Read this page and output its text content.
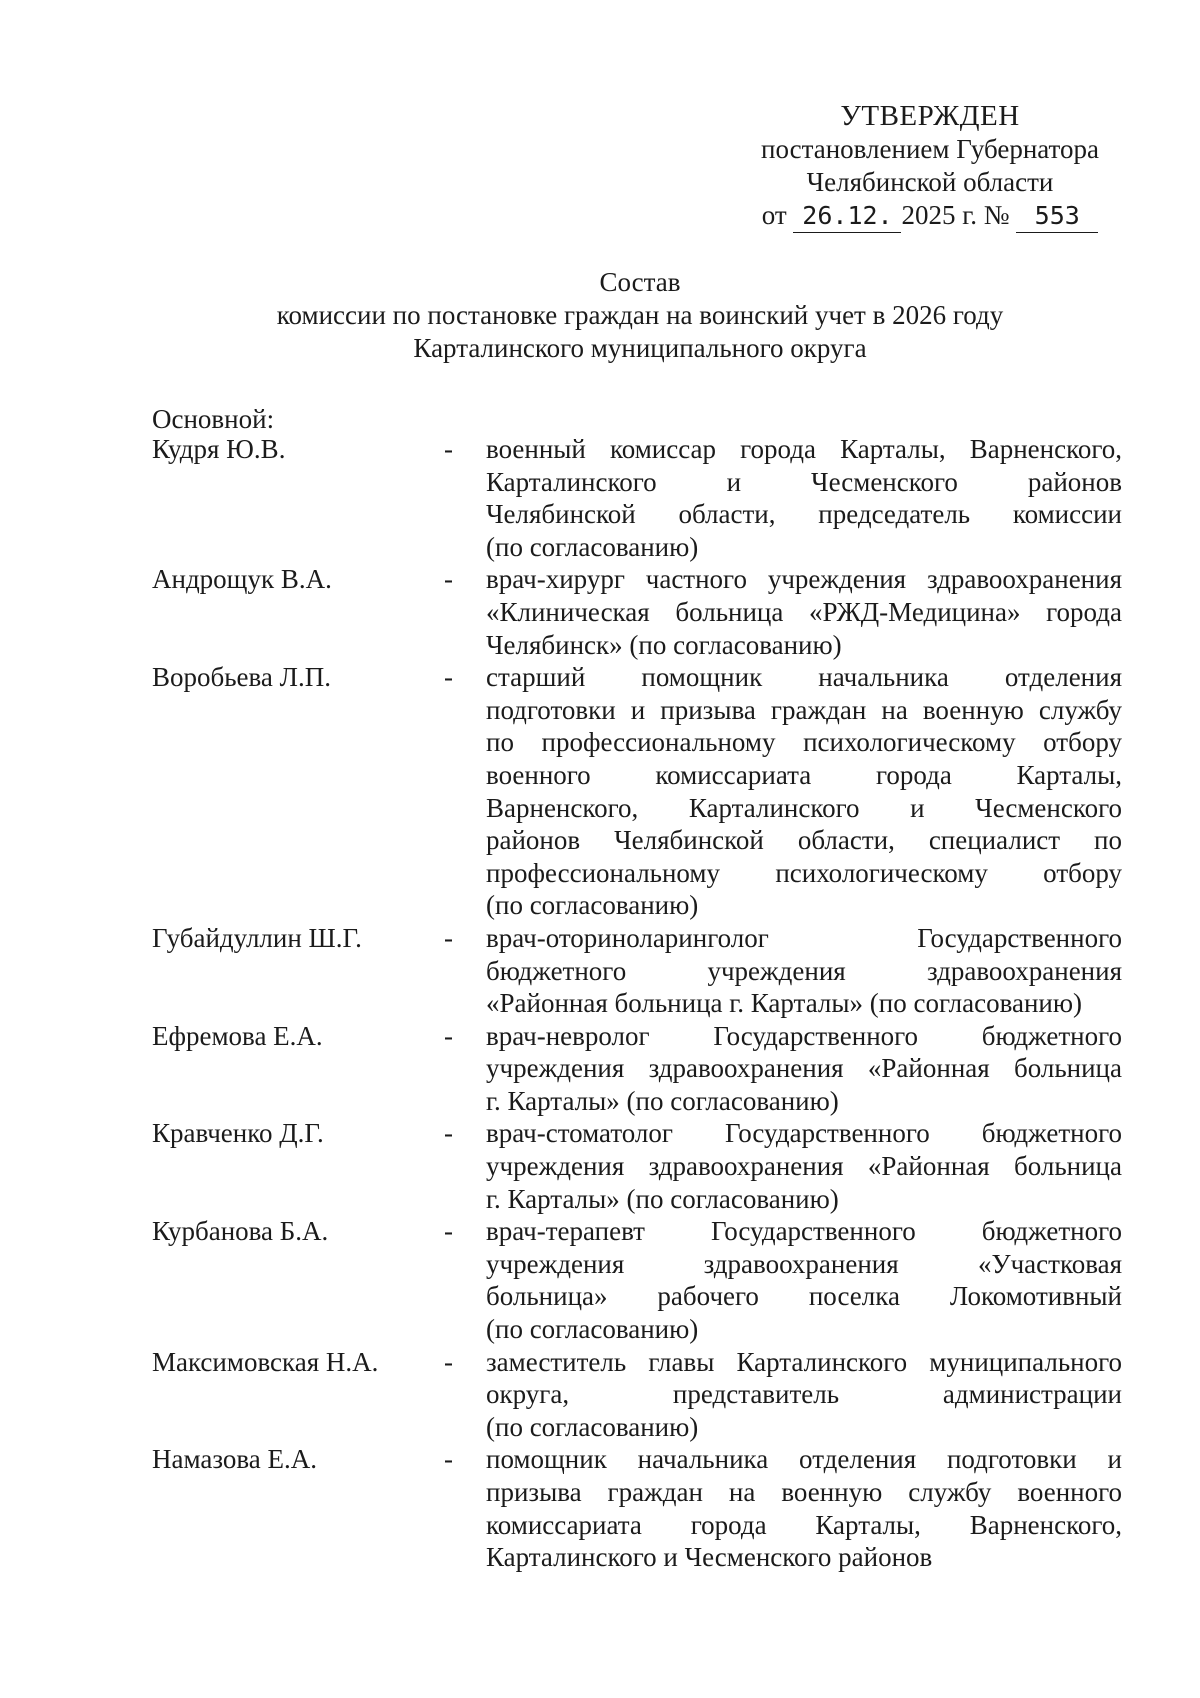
УТВЕРЖДЕН
постановлением Губернатора
Челябинской области
от 26.12. 2025 г. № 553
Состав
комиссии по постановке граждан на воинский учет в 2026 году
Карталинского муниципального округа
Основной:
Кудря Ю.В.	-	военный комиссар города Карталы, Варненского,
Карталинского и Чесменского районов
Челябинской области, председатель комиссии
(по согласованию)
Андрощук В.А.	-	врач-хирург частного учреждения здравоохранения
«Клиническая больница «РЖД-Медицина» города
Челябинск» (по согласованию)
Воробьева Л.П.	-	старший помощник начальника отделения
подготовки и призыва граждан на военную службу
по профессиональному психологическому отбору
военного комиссариата города Карталы,
Варненского, Карталинского и Чесменского
районов Челябинской области, специалист по
профессиональному психологическому отбору
(по согласованию)
Губайдуллин Ш.Г.	-	врач-оториноларинголог Государственного
бюджетного учреждения здравоохранения
«Районная больница г. Карталы» (по согласованию)
Ефремова Е.А.	-	врач-невролог Государственного бюджетного
учреждения здравоохранения «Районная больница
г. Карталы» (по согласованию)
Кравченко Д.Г.	-	врач-стоматолог Государственного бюджетного
учреждения здравоохранения «Районная больница
г. Карталы» (по согласованию)
Курбанова Б.А.	-	врач-терапевт Государственного бюджетного
учреждения здравоохранения «Участковая
больница» рабочего поселка Локомотивный
(по согласованию)
Максимовская Н.А.	-	заместитель главы Карталинского муниципального
округа, представитель администрации
(по согласованию)
Намазова Е.А.	-	помощник начальника отделения подготовки и
призыва граждан на военную службу военного
комиссариата города Карталы, Варненского,
Карталинского и Чесменского районов
